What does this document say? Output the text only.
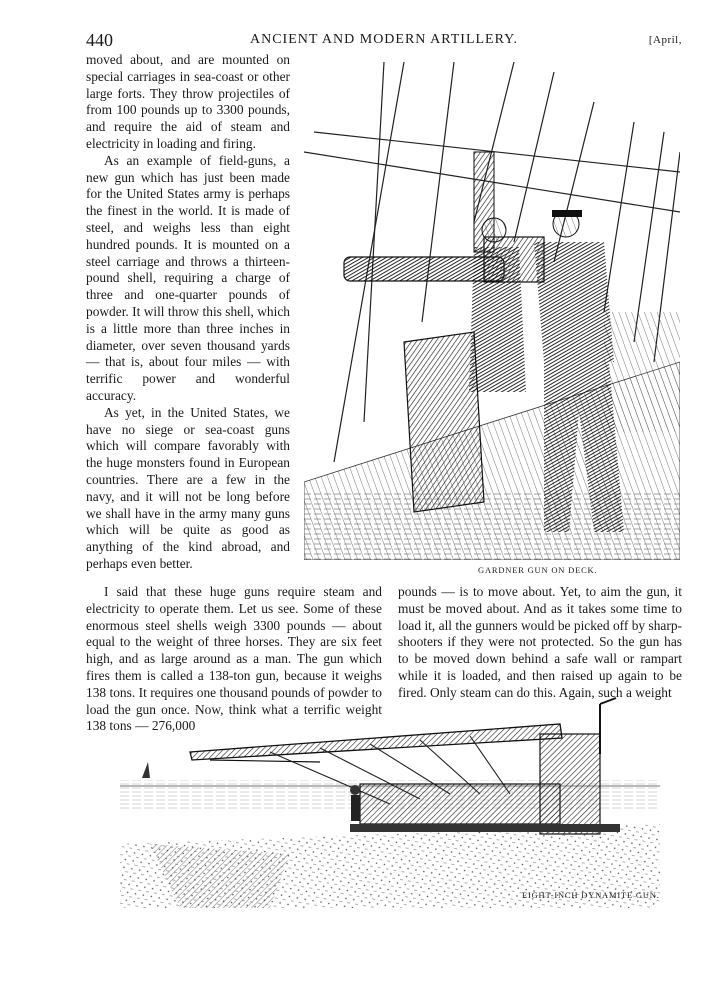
440	ANCIENT AND MODERN ARTILLERY.	[April,

moved about, and are mounted on special carriages in sea-coast or other large forts. They throw projectiles of from 100 pounds up to 3300 pounds, and require the aid of steam and electricity in loading and firing.

As an example of field-guns, a new gun which has just been made for the United States army is perhaps the finest in the world. It is made of steel, and weighs less than eight hundred pounds. It is mounted on a steel carriage and throws a thirteen-pound shell, requiring a charge of three and one-quarter pounds of powder. It will throw this shell, which is a little more than three inches in diameter, over seven thousand yards — that is, about four miles — with terrific power and wonderful accuracy.

As yet, in the United States, we have no siege or sea-coast guns which will compare favorably with the huge monsters found in European countries. There are a few in the navy, and it will not be long before we shall have in the army many guns which will be quite as good as anything of the kind abroad, and perhaps even better.	GARDNER GUN ON DECK.

I said that these huge guns require steam and electricity to operate them. Let us see. Some of these enormous steel shells weigh 3300 pounds — about equal to the weight of three horses. They are six feet high, and as large around as a man. The gun which fires them is called a 138-ton gun, because it weighs 138 tons. It requires one thousand pounds of powder to load the gun once. Now, think what a terrific weight 138 tons — 276,000

pounds — is to move about. Yet, to aim the gun, it must be moved about. And as it takes some time to load it, all the gunners would be picked off by sharp-shooters if they were not protected. So the gun has to be moved down behind a safe wall or rampart while it is loaded, and then raised up again to be fired. Only steam can do this. Again, such a weight

EIGHT-INCH DYNAMITE GUN.
